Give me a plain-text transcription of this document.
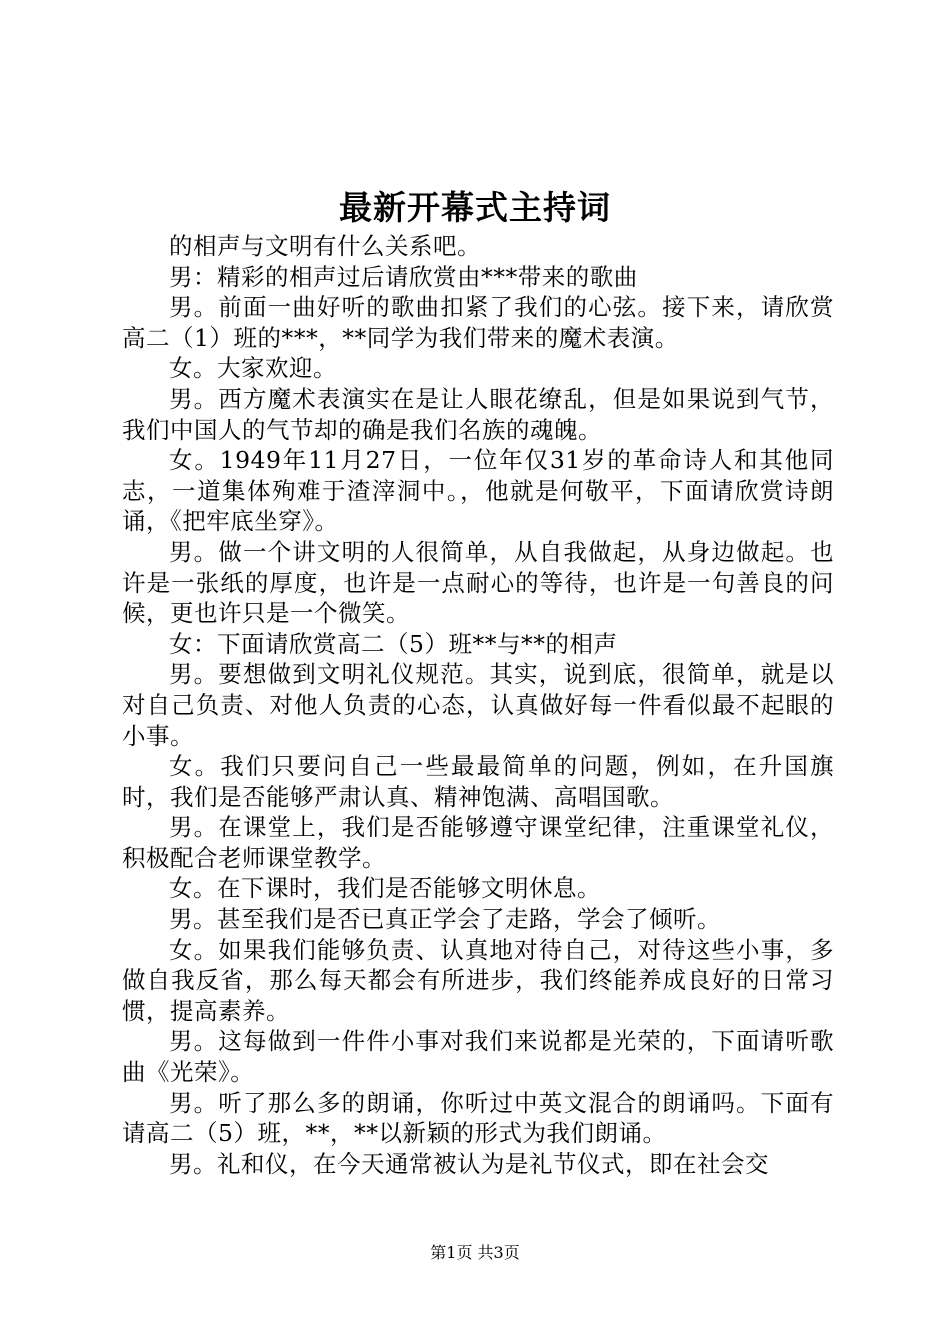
最新开幕式主持词

的相声与文明有什么关系吧。

男：精彩的相声过后请欣赏由***带来的歌曲

男。前面一曲好听的歌曲扣紧了我们的心弦。接下来，请欣赏高二（1）班的***，**同学为我们带来的魔术表演。

女。大家欢迎。

男。西方魔术表演实在是让人眼花缭乱，但是如果说到气节，我们中国人的气节却的确是我们名族的魂魄。

女。1949年11月27日，一位年仅31岁的革命诗人和其他同志，一道集体殉难于渣滓洞中。，他就是何敬平，下面请欣赏诗朗诵，《把牢底坐穿》。

男。做一个讲文明的人很简单，从自我做起，从身边做起。也许是一张纸的厚度，也许是一点耐心的等待，也许是一句善良的问候，更也许只是一个微笑。

女：下面请欣赏高二（5）班**与**的相声

男。要想做到文明礼仪规范。其实，说到底，很简单，就是以对自己负责、对他人负责的心态，认真做好每一件看似最不起眼的小事。

女。我们只要问自己一些最最简单的问题，例如，在升国旗时，我们是否能够严肃认真、精神饱满、高唱国歌。

男。在课堂上，我们是否能够遵守课堂纪律，注重课堂礼仪，积极配合老师课堂教学。

女。在下课时，我们是否能够文明休息。

男。甚至我们是否已真正学会了走路，学会了倾听。

女。如果我们能够负责、认真地对待自己，对待这些小事，多做自我反省，那么每天都会有所进步，我们终能养成良好的日常习惯，提高素养。

男。这每做到一件件小事对我们来说都是光荣的，下面请听歌曲《光荣》。

男。听了那么多的朗诵，你听过中英文混合的朗诵吗。下面有请高二（5）班，**，**以新颖的形式为我们朗诵。

男。礼和仪，在今天通常被认为是礼节仪式，即在社会交

第1页 共3页
